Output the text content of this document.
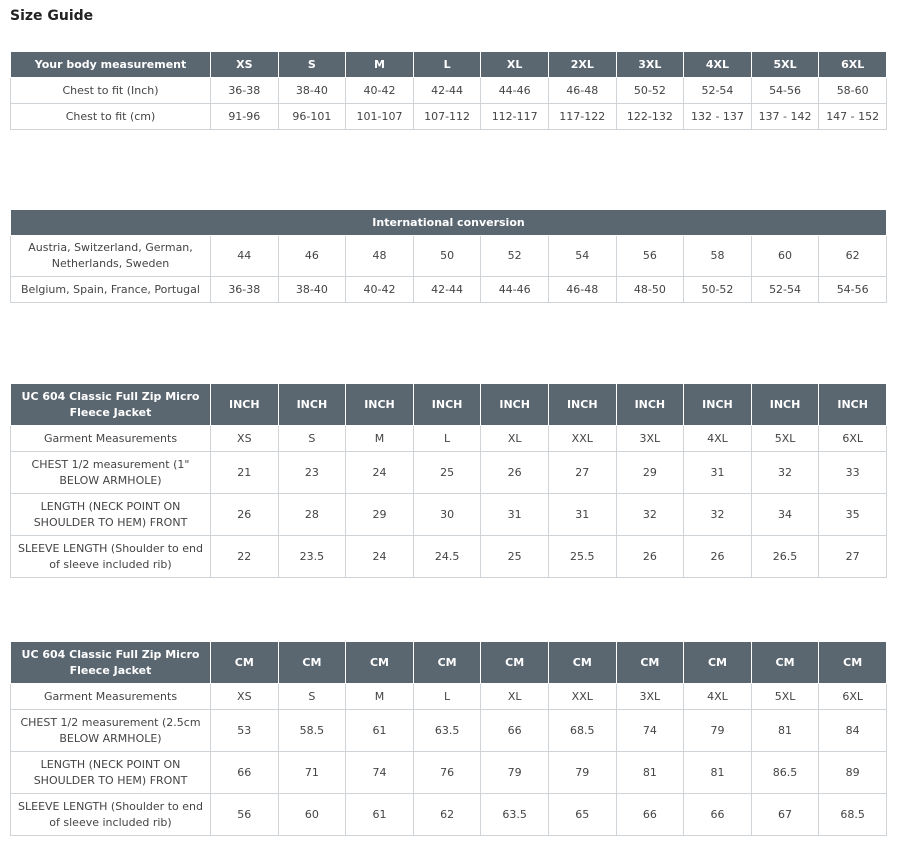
Size Guide
Your body measurement	XS	S	M	L	XL	2XL	3XL	4XL	5XL	6XL
Chest to fit (Inch)	36-38	38-40	40-42	42-44	44-46	46-48	50-52	52-54	54-56	58-60
Chest to fit (cm)	91-96	96-101	101-107	107-112	112-117	117-122	122-132	132 - 137	137 - 142	147 - 152
International conversion										
Austria, Switzerland, German, Netherlands, Sweden	44	46	48	50	52	54	56	58	60	62
Belgium, Spain, France, Portugal	36-38	38-40	40-42	42-44	44-46	46-48	48-50	50-52	52-54	54-56
UC 604 Classic Full Zip Micro Fleece Jacket	INCH	INCH	INCH	INCH	INCH	INCH	INCH	INCH	INCH	INCH
Garment Measurements	XS	S	M	L	XL	XXL	3XL	4XL	5XL	6XL
CHEST 1/2 measurement (1" BELOW ARMHOLE)	21	23	24	25	26	27	29	31	32	33
LENGTH (NECK POINT ON SHOULDER TO HEM) FRONT	26	28	29	30	31	31	32	32	34	35
SLEEVE LENGTH (Shoulder to end of sleeve included rib)	22	23.5	24	24.5	25	25.5	26	26	26.5	27
UC 604 Classic Full Zip Micro Fleece Jacket	CM	CM	CM	CM	CM	CM	CM	CM	CM	CM
Garment Measurements	XS	S	M	L	XL	XXL	3XL	4XL	5XL	6XL
CHEST 1/2 measurement (2.5cm BELOW ARMHOLE)	53	58.5	61	63.5	66	68.5	74	79	81	84
LENGTH (NECK POINT ON SHOULDER TO HEM) FRONT	66	71	74	76	79	79	81	81	86.5	89
SLEEVE LENGTH (Shoulder to end of sleeve included rib)	56	60	61	62	63.5	65	66	66	67	68.5
